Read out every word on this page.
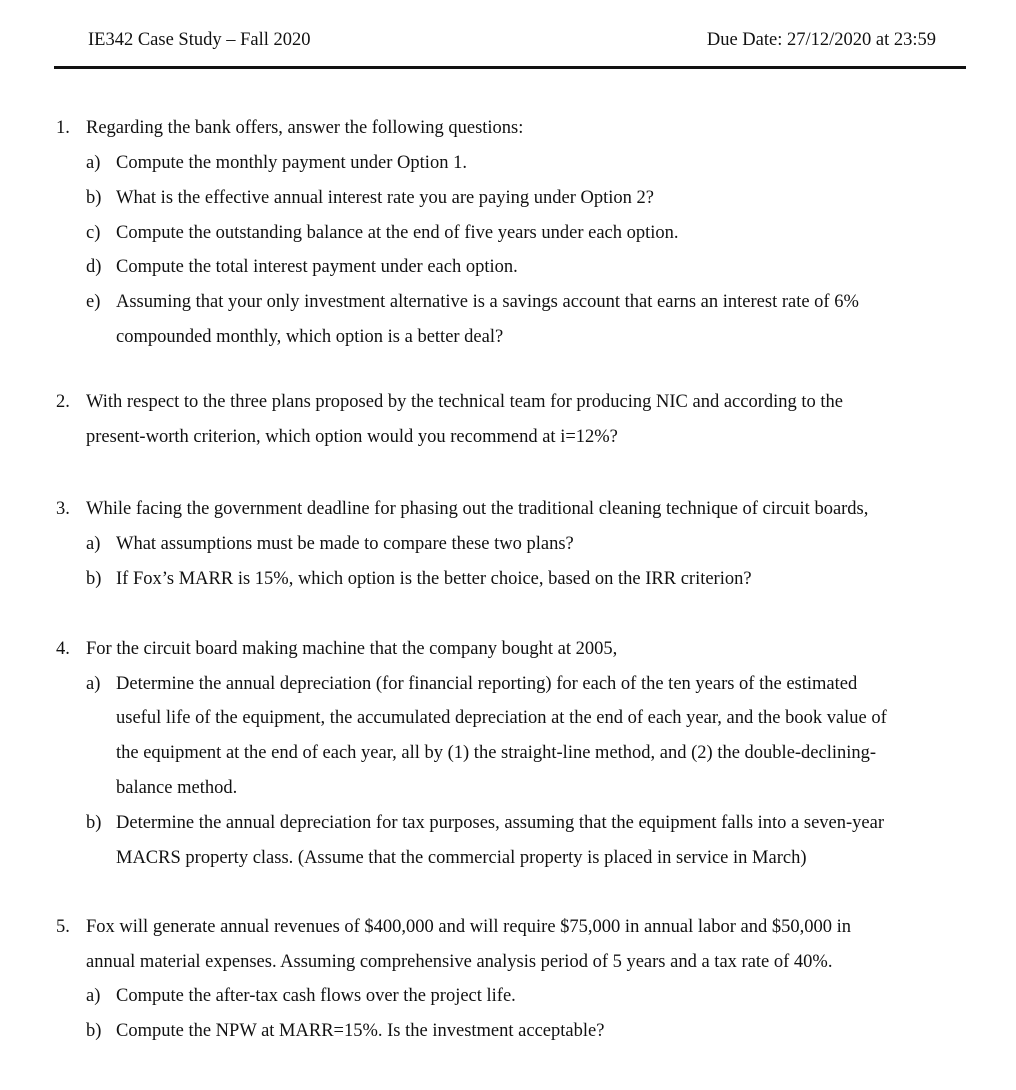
IE342 Case Study – Fall 2020	Due Date: 27/12/2020 at 23:59
1. Regarding the bank offers, answer the following questions:
a) Compute the monthly payment under Option 1.
b) What is the effective annual interest rate you are paying under Option 2?
c) Compute the outstanding balance at the end of five years under each option.
d) Compute the total interest payment under each option.
e) Assuming that your only investment alternative is a savings account that earns an interest rate of 6%
compounded monthly, which option is a better deal?
2. With respect to the three plans proposed by the technical team for producing NIC and according to the
present-worth criterion, which option would you recommend at i=12%?
3. While facing the government deadline for phasing out the traditional cleaning technique of circuit boards,
a) What assumptions must be made to compare these two plans?
b) If Fox’s MARR is 15%, which option is the better choice, based on the IRR criterion?
4. For the circuit board making machine that the company bought at 2005,
a) Determine the annual depreciation (for financial reporting) for each of the ten years of the estimated
useful life of the equipment, the accumulated depreciation at the end of each year, and the book value of
the equipment at the end of each year, all by (1) the straight-line method, and (2) the double-declining-
balance method.
b) Determine the annual depreciation for tax purposes, assuming that the equipment falls into a seven-year
MACRS property class. (Assume that the commercial property is placed in service in March)
5. Fox will generate annual revenues of $400,000 and will require $75,000 in annual labor and $50,000 in
annual material expenses. Assuming comprehensive analysis period of 5 years and a tax rate of 40%.
a) Compute the after-tax cash flows over the project life.
b) Compute the NPW at MARR=15%. Is the investment acceptable?
